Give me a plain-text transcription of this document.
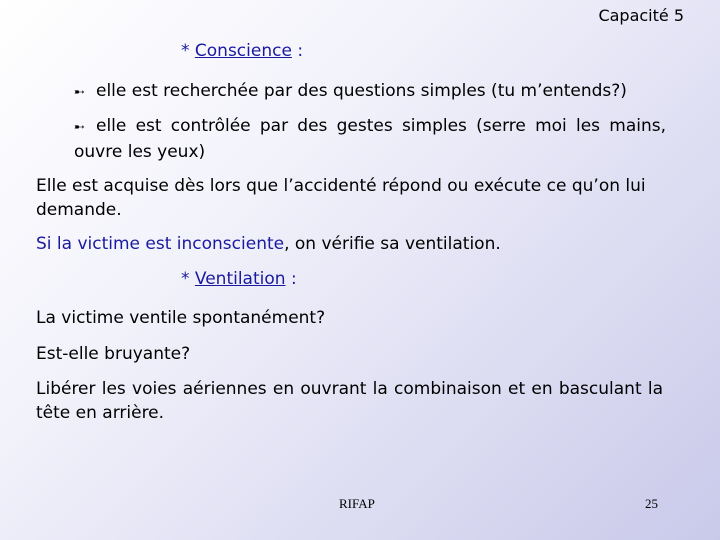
Capacité 5
* Conscience :
➸ elle est recherchée par des questions simples (tu m’entends?)
➸ elle est contrôlée par des gestes simples (serre moi les mains, ouvre les yeux)
Elle est acquise dès lors que l’accidenté répond ou exécute ce qu’on lui demande.
Si la victime est inconsciente, on vérifie sa ventilation.
* Ventilation :
La victime ventile spontanément?
Est-elle bruyante?
Libérer les voies aériennes en ouvrant la combinaison et en basculant la tête en arrière.
RIFAP	25
